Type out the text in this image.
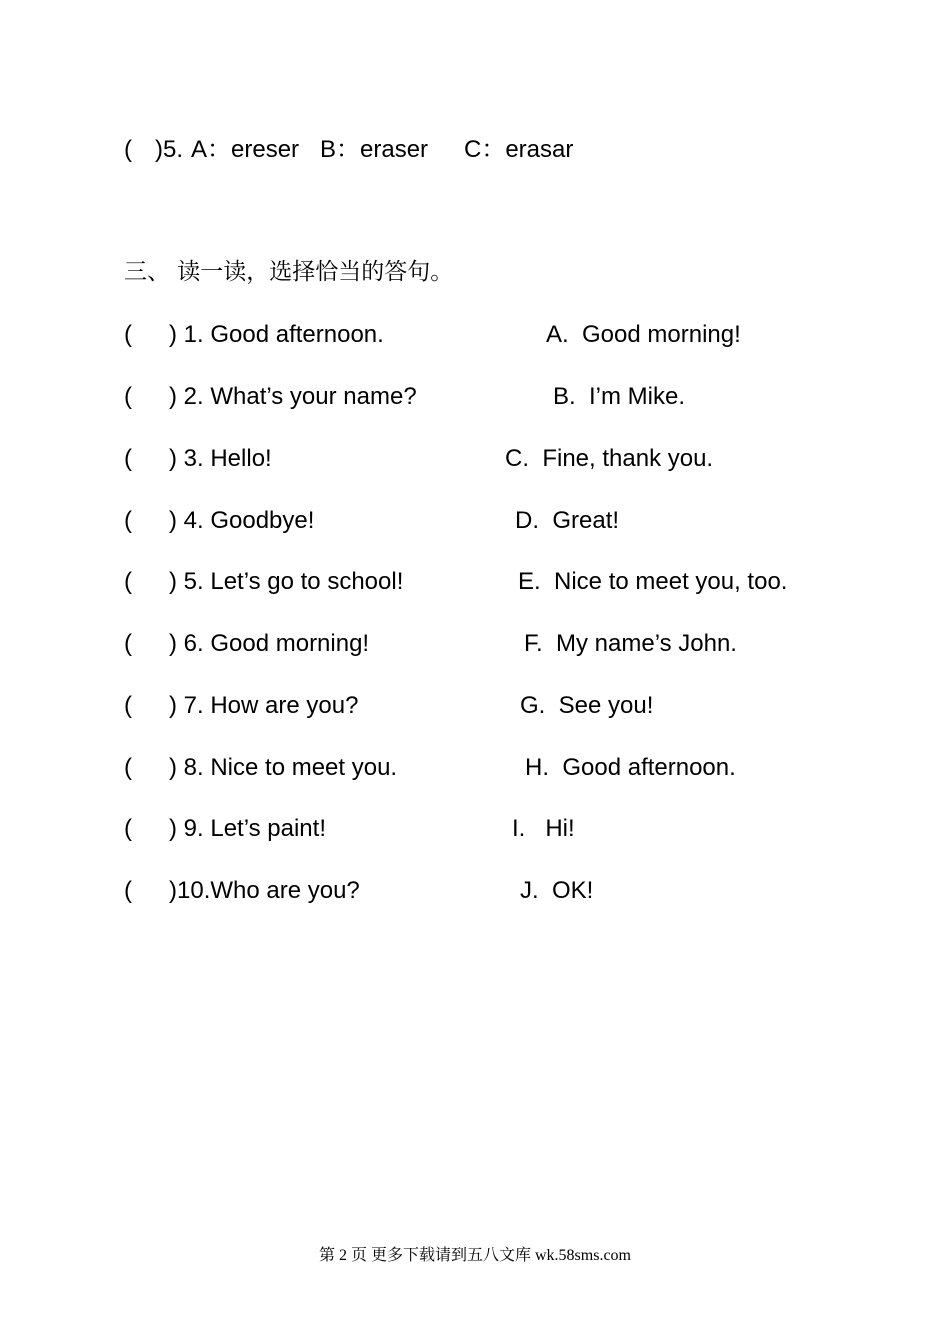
( )5. A：ereser B：eraser C：erasar
三、 读一读，选择恰当的答句。
( ) 1. Good afternoon.
( ) 2. What’s your name?
( ) 3. Hello!
( ) 4. Goodbye!
( ) 5. Let’s go to school!
( ) 6. Good morning!
( ) 7. How are you?
( ) 8. Nice to meet you.
( ) 9. Let’s paint!
( )10.Who are you?
A.  Good morning!
B.  I’m Mike.
C.  Fine, thank you.
D.  Great!
E.  Nice to meet you, too.
F.  My name’s John.
G.  See you!
H.  Good afternoon.
I.   Hi!
J.  OK!
第 2 页 更多下载请到五八文库 wk.58sms.com
